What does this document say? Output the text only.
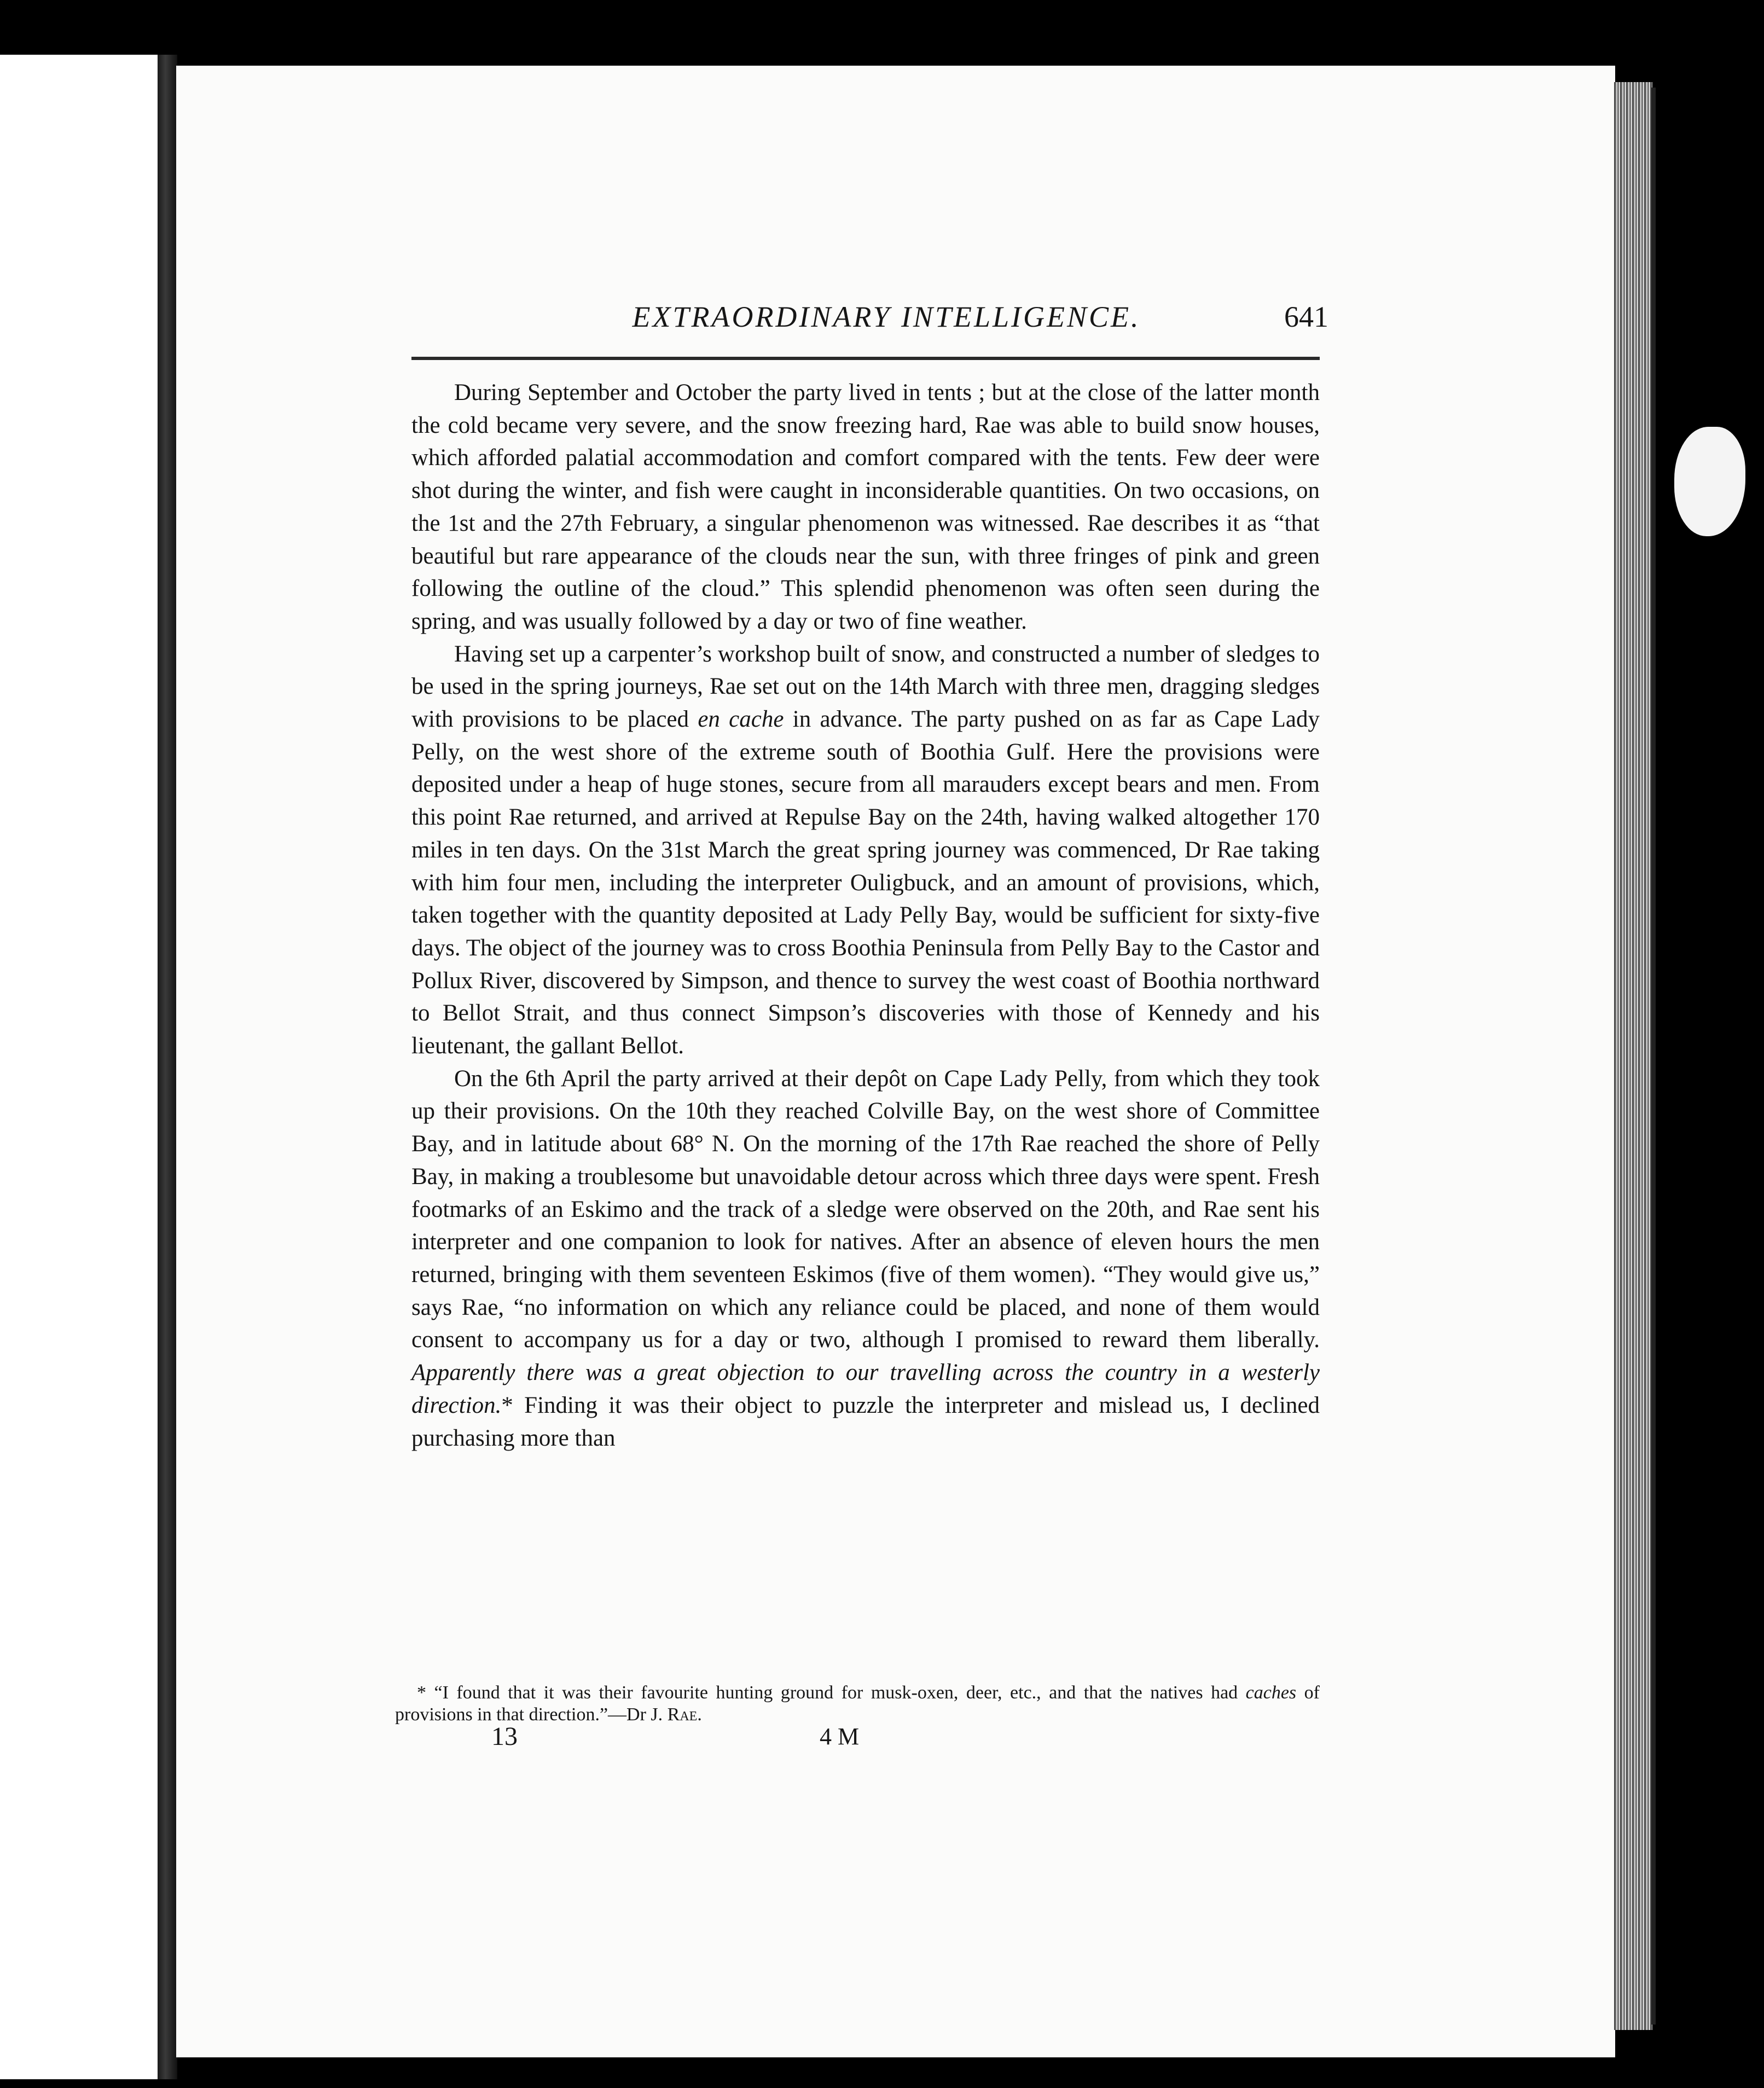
EXTRAORDINARY INTELLIGENCE.	641

During September and October the party lived in tents ; but at the close of the latter month the cold became very severe, and the snow freezing hard, Rae was able to build snow houses, which afforded palatial accommodation and comfort compared with the tents. Few deer were shot during the winter, and fish were caught in inconsiderable quantities. On two occasions, on the 1st and the 27th February, a singular phenomenon was witnessed. Rae describes it as “that beautiful but rare appearance of the clouds near the sun, with three fringes of pink and green following the outline of the cloud.” This splendid phenomenon was often seen during the spring, and was usually followed by a day or two of fine weather.

Having set up a carpenter’s workshop built of snow, and constructed a number of sledges to be used in the spring journeys, Rae set out on the 14th March with three men, dragging sledges with provisions to be placed en cache in advance. The party pushed on as far as Cape Lady Pelly, on the west shore of the extreme south of Boothia Gulf. Here the provisions were deposited under a heap of huge stones, secure from all marauders except bears and men. From this point Rae returned, and arrived at Repulse Bay on the 24th, having walked altogether 170 miles in ten days. On the 31st March the great spring journey was commenced, Dr Rae taking with him four men, including the interpreter Ouligbuck, and an amount of provisions, which, taken together with the quantity deposited at Lady Pelly Bay, would be sufficient for sixty-five days. The object of the journey was to cross Boothia Peninsula from Pelly Bay to the Castor and Pollux River, discovered by Simpson, and thence to survey the west coast of Boothia northward to Bellot Strait, and thus connect Simpson’s discoveries with those of Kennedy and his lieutenant, the gallant Bellot.

On the 6th April the party arrived at their depôt on Cape Lady Pelly, from which they took up their provisions. On the 10th they reached Colville Bay, on the west shore of Committee Bay, and in latitude about 68° N. On the morning of the 17th Rae reached the shore of Pelly Bay, in making a troublesome but unavoidable detour across which three days were spent. Fresh footmarks of an Eskimo and the track of a sledge were observed on the 20th, and Rae sent his interpreter and one companion to look for natives. After an absence of eleven hours the men returned, bringing with them seventeen Eskimos (five of them women). “They would give us,” says Rae, “no information on which any reliance could be placed, and none of them would consent to accompany us for a day or two, although I promised to reward them liberally. Apparently there was a great objection to our travelling across the country in a westerly direction.* Finding it was their object to puzzle the interpreter and mislead us, I declined purchasing more than

* “I found that it was their favourite hunting ground for musk-oxen, deer, etc., and that the natives had caches of provisions in that direction.”—Dr J. Rae.

13	4 M
